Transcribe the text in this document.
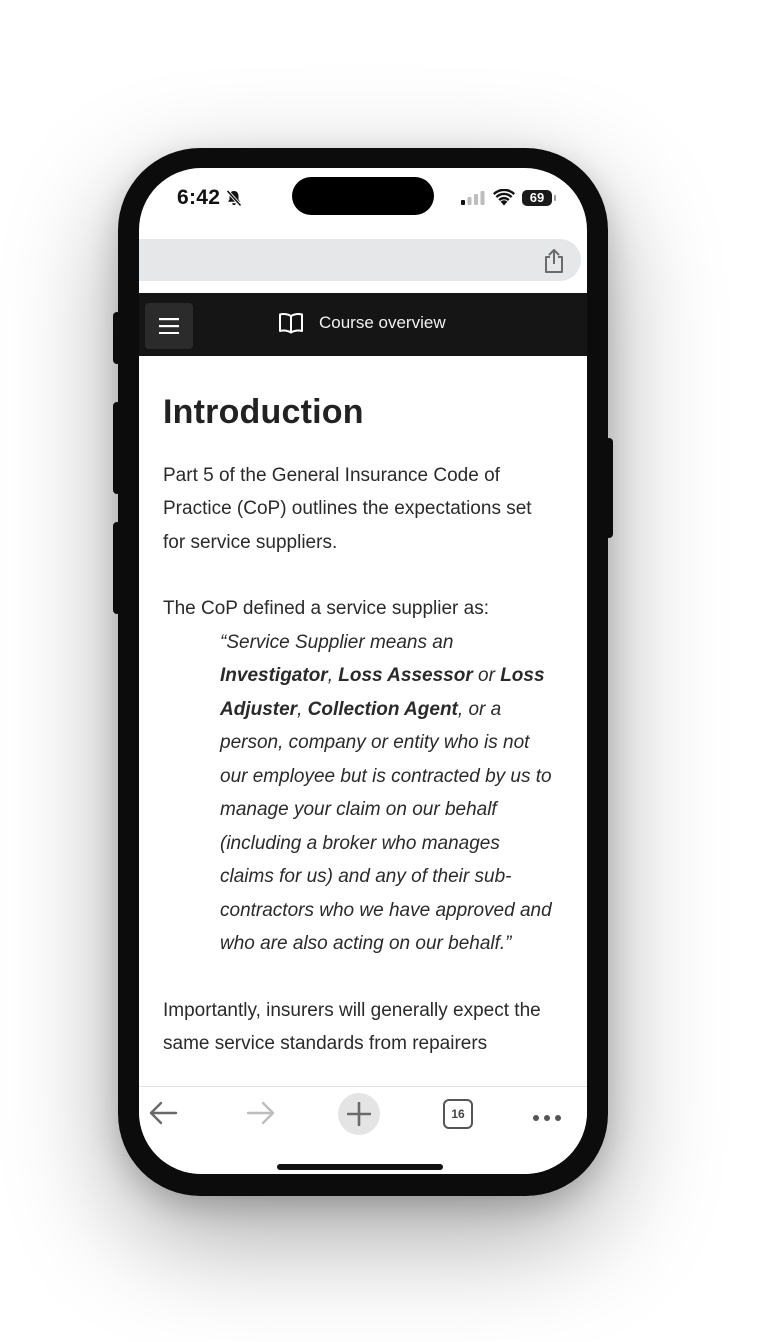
6:42	69
Course overview
Introduction

Part 5 of the General Insurance Code of Practice (CoP) outlines the expectations set for service suppliers.

The CoP defined a service supplier as:

“Service Supplier means an Investigator, Loss Assessor or Loss Adjuster, Collection Agent, or a person, company or entity who is not our employee but is contracted by us to manage your claim on our behalf (including a broker who manages claims for us) and any of their sub-contractors who we have approved and who are also acting on our behalf.”

Importantly, insurers will generally expect the same service standards from repairers

16
